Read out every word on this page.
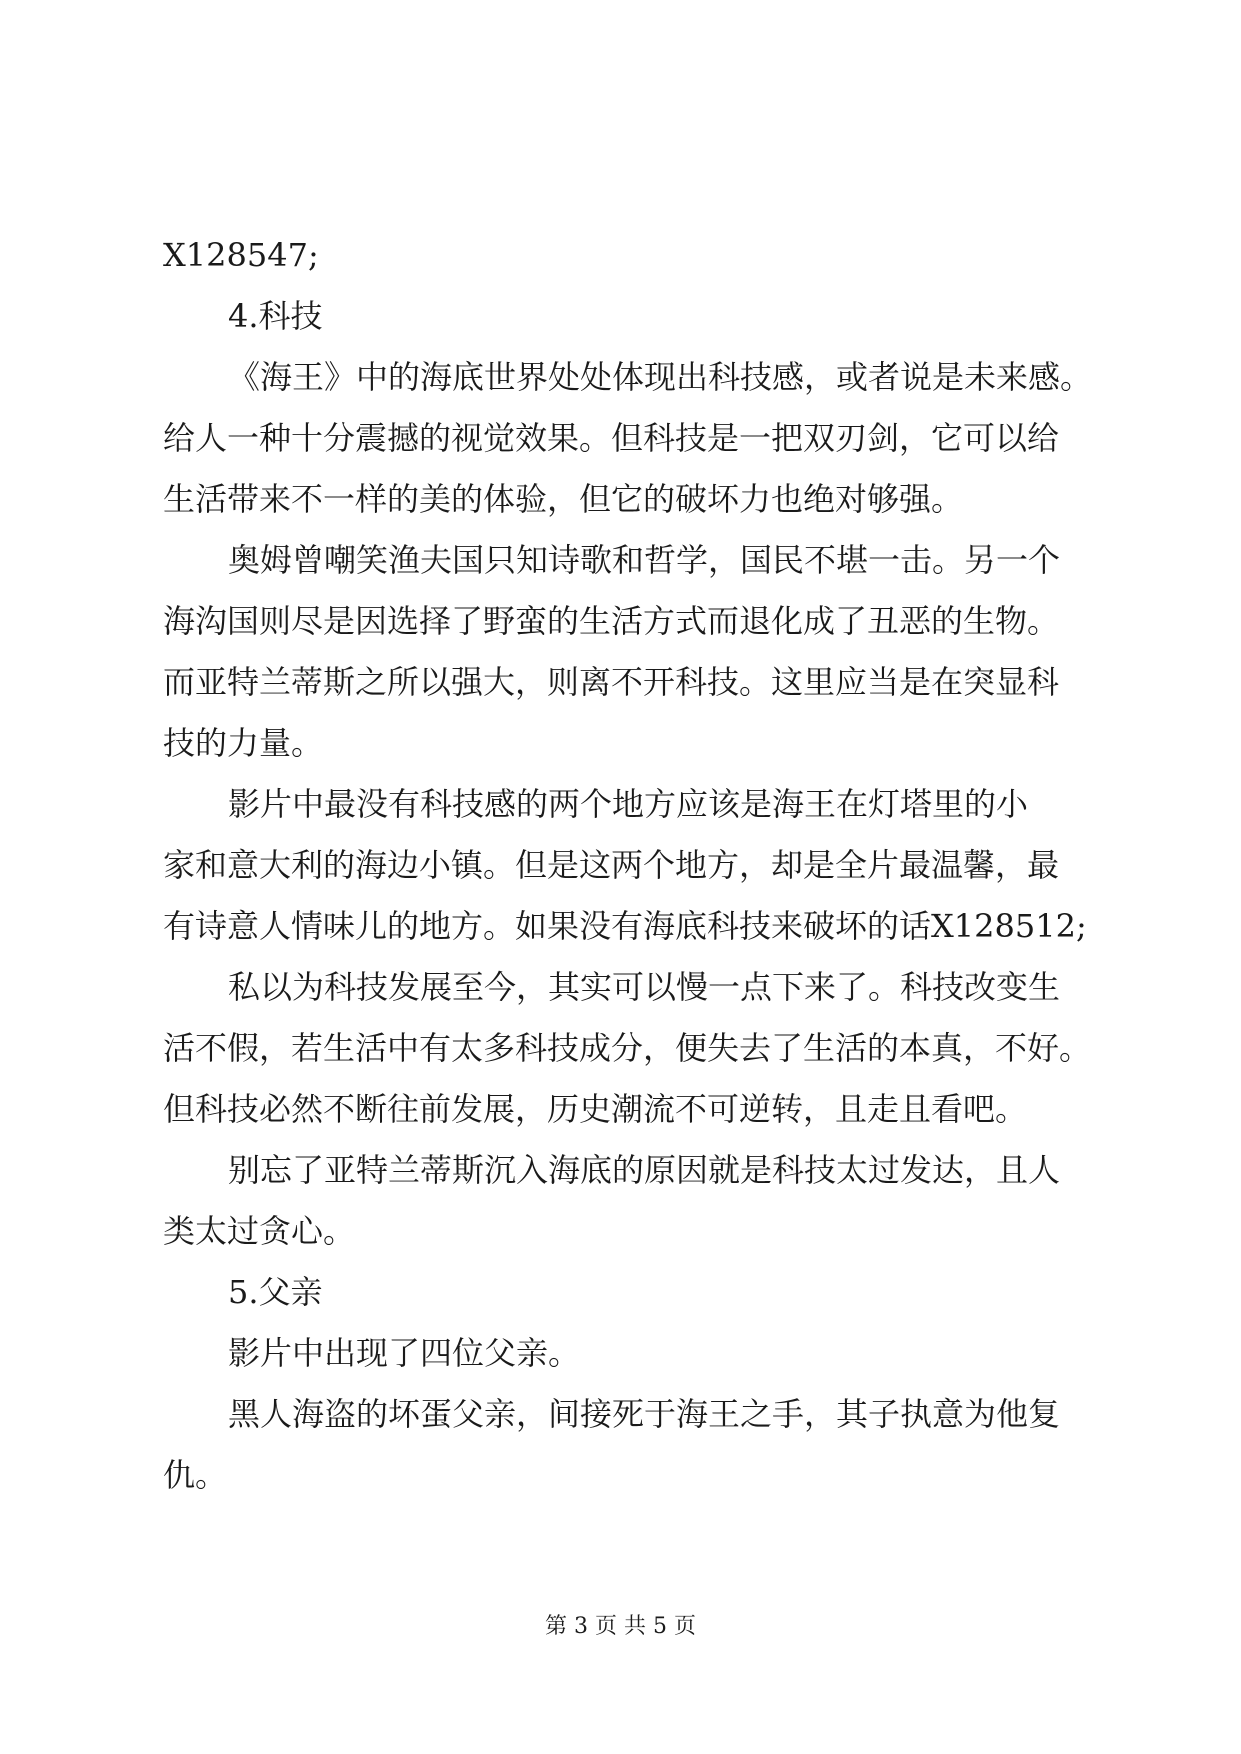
X128547;

4.科技

《海王》中的海底世界处处体现出科技感，或者说是未来感。

给人一种十分震撼的视觉效果。但科技是一把双刃剑，它可以给

生活带来不一样的美的体验，但它的破坏力也绝对够强。

奥姆曾嘲笑渔夫国只知诗歌和哲学，国民不堪一击。另一个

海沟国则尽是因选择了野蛮的生活方式而退化成了丑恶的生物。

而亚特兰蒂斯之所以强大，则离不开科技。这里应当是在突显科

技的力量。

影片中最没有科技感的两个地方应该是海王在灯塔里的小

家和意大利的海边小镇。但是这两个地方，却是全片最温馨，最

有诗意人情味儿的地方。如果没有海底科技来破坏的话X128512;

私以为科技发展至今，其实可以慢一点下来了。科技改变生

活不假，若生活中有太多科技成分，便失去了生活的本真，不好。

但科技必然不断往前发展，历史潮流不可逆转，且走且看吧。

别忘了亚特兰蒂斯沉入海底的原因就是科技太过发达，且人

类太过贪心。

5.父亲

影片中出现了四位父亲。

黑人海盗的坏蛋父亲，间接死于海王之手，其子执意为他复

仇。

第 3 页 共 5 页
